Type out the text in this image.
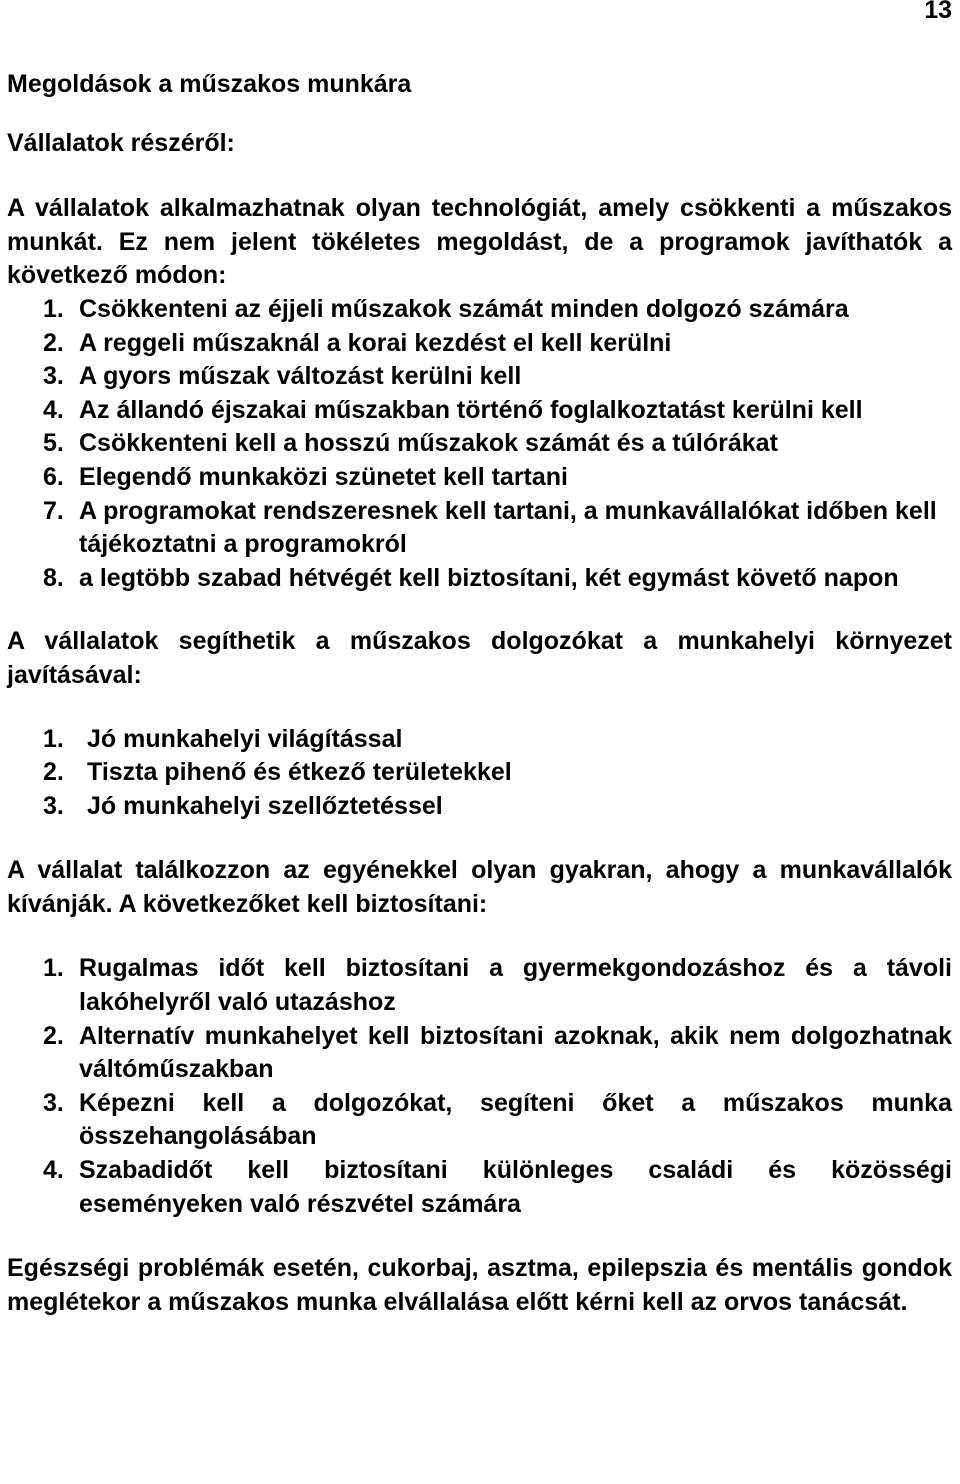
13

Megoldások a műszakos munkára

Vállalatok részéről:

A vállalatok alkalmazhatnak olyan technológiát, amely csökkenti a műszakos munkát. Ez nem jelent tökéletes megoldást, de a programok javíthatók a következő módon:

1. Csökkenteni az éjjeli műszakok számát minden dolgozó számára
2. A reggeli műszaknál a korai kezdést el kell kerülni
3. A gyors műszak változást kerülni kell
4. Az állandó éjszakai műszakban történő foglalkoztatást kerülni kell
5. Csökkenteni kell a hosszú műszakok számát és a túlórákat
6. Elegendő munkaközi szünetet kell tartani
7. A programokat rendszeresnek kell tartani, a munkavállalókat időben kell tájékoztatni a programokról
8. a legtöbb szabad hétvégét kell biztosítani, két egymást követő napon

A vállalatok segíthetik a műszakos dolgozókat a munkahelyi környezet javításával:

1. Jó munkahelyi világítással
2. Tiszta pihenő és étkező területekkel
3. Jó munkahelyi szellőztetéssel

A vállalat találkozzon az egyénekkel olyan gyakran, ahogy a munkavállalók kívánják. A következőket kell biztosítani:

1. Rugalmas időt kell biztosítani a gyermekgondozáshoz és a távoli lakóhelyről való utazáshoz
2. Alternatív munkahelyet kell biztosítani azoknak, akik nem dolgozhatnak váltóműszakban
3. Képezni kell a dolgozókat, segíteni őket a műszakos munka összehangolásában
4. Szabadidőt kell biztosítani különleges családi és közösségi eseményeken való részvétel számára

Egészségi problémák esetén, cukorbaj, asztma, epilepszia és mentális gondok meglétekor a műszakos munka elvállalása előtt kérni kell az orvos tanácsát.
